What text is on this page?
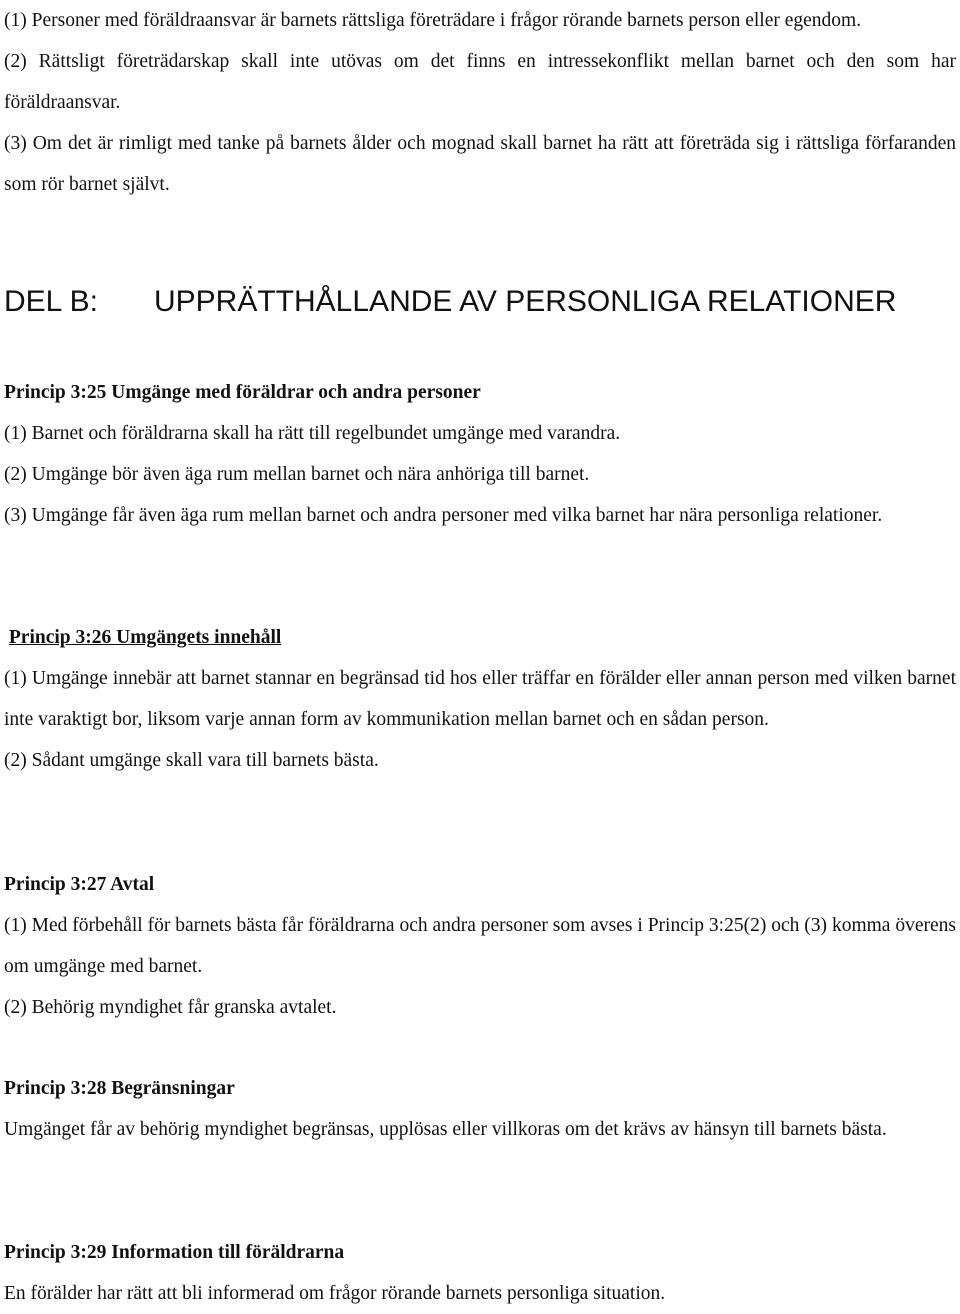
(1) Personer med föräldraansvar är barnets rättsliga företrädare i frågor rörande barnets person eller egendom.

(2) Rättsligt företrädarskap skall inte utövas om det finns en intressekonflikt mellan barnet och den som har föräldraansvar.

(3) Om det är rimligt med tanke på barnets ålder och mognad skall barnet ha rätt att företräda sig i rättsliga förfaranden som rör barnet självt.

DEL B: UPPRÄTTHÅLLANDE AV PERSONLIGA RELATIONER
Princip 3:25 Umgänge med föräldrar och andra personer

(1) Barnet och föräldrarna skall ha rätt till regelbundet umgänge med varandra.

(2) Umgänge bör även äga rum mellan barnet och nära anhöriga till barnet.

(3) Umgänge får även äga rum mellan barnet och andra personer med vilka barnet har nära personliga relationer.

Princip 3:26 Umgängets innehåll

(1) Umgänge innebär att barnet stannar en begränsad tid hos eller träffar en förälder eller annan person med vilken barnet inte varaktigt bor, liksom varje annan form av kommunikation mellan barnet och en sådan person.

(2) Sådant umgänge skall vara till barnets bästa.

Princip 3:27 Avtal

(1) Med förbehåll för barnets bästa får föräldrarna och andra personer som avses i Princip 3:25(2) och (3) komma överens om umgänge med barnet.

(2) Behörig myndighet får granska avtalet.

Princip 3:28 Begränsningar

Umgänget får av behörig myndighet begränsas, upplösas eller villkoras om det krävs av hänsyn till barnets bästa.

Princip 3:29 Information till föräldrarna

En förälder har rätt att bli informerad om frågor rörande barnets personliga situation.
